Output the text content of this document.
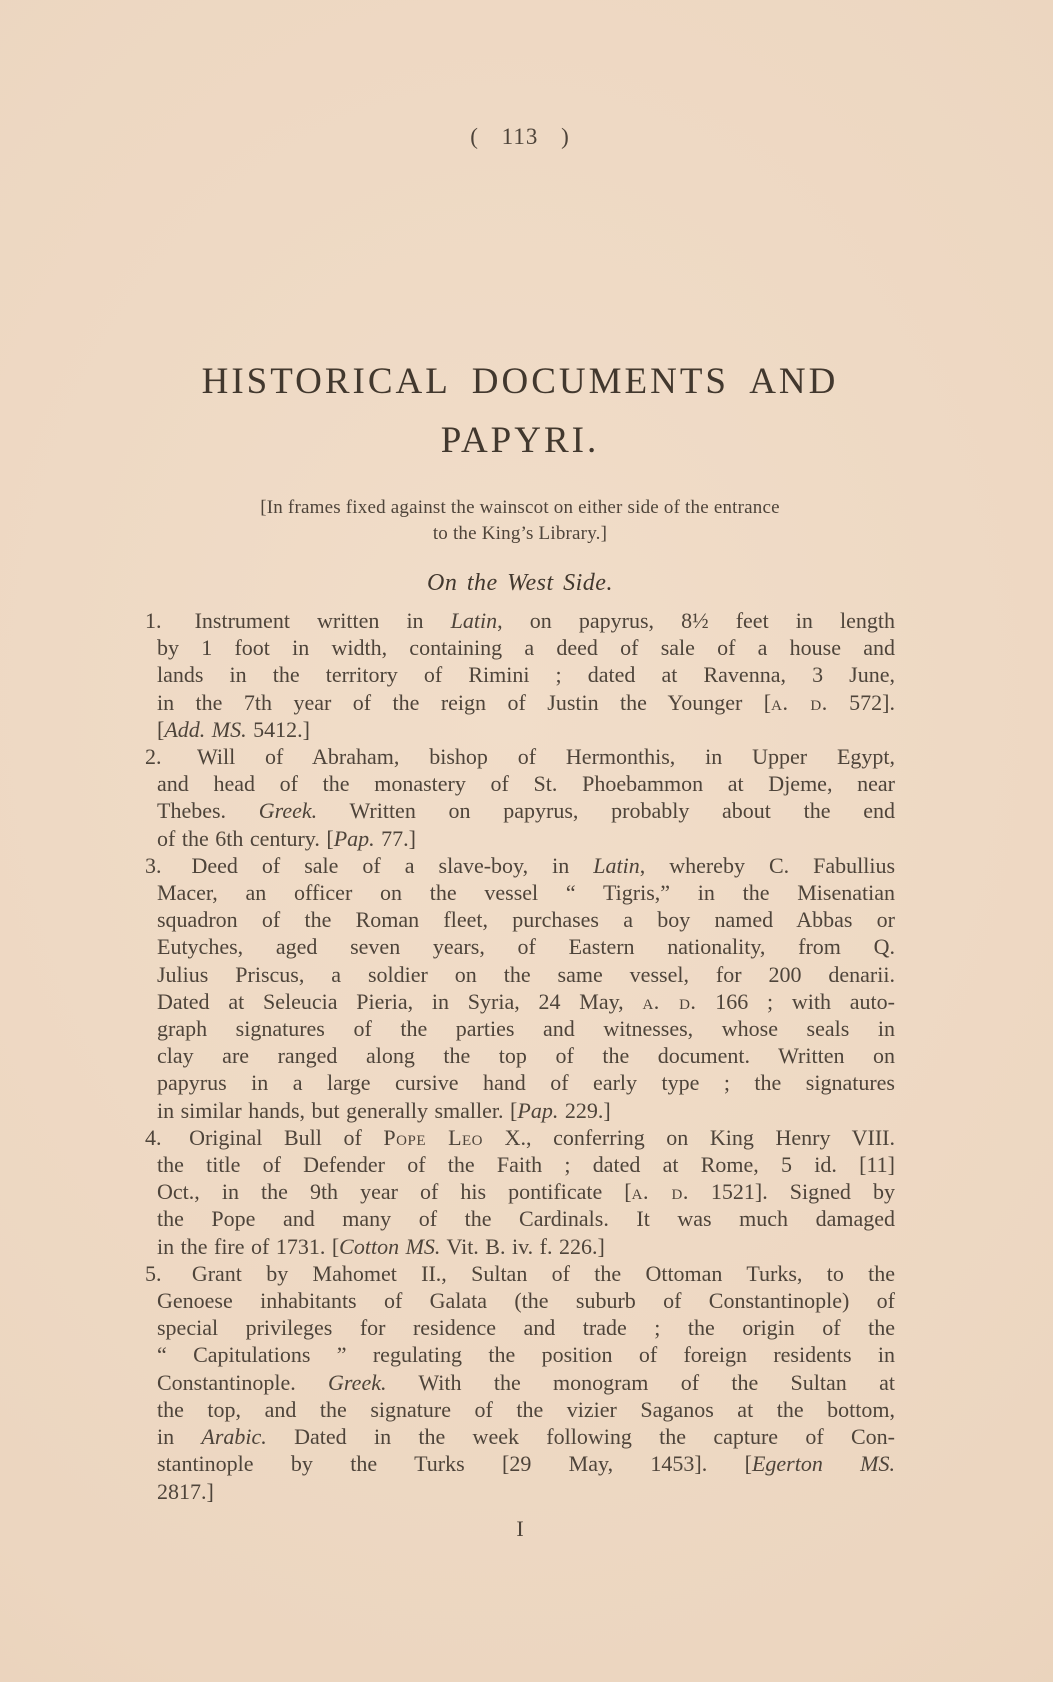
( 113 )
HISTORICAL DOCUMENTS AND
PAPYRI.
[In frames fixed against the wainscot on either side of the entrance
to the King’s Library.]
On the West Side.
1. Instrument written in Latin, on papyrus, 8½ feet in length
by 1 foot in width, containing a deed of sale of a house and
lands in the territory of Rimini ; dated at Ravenna, 3 June,
in the 7th year of the reign of Justin the Younger [a. d. 572].
[Add. MS. 5412.]
2. Will of Abraham, bishop of Hermonthis, in Upper Egypt,
and head of the monastery of St. Phoebammon at Djeme, near
Thebes. Greek. Written on papyrus, probably about the end
of the 6th century. [Pap. 77.]
3. Deed of sale of a slave-boy, in Latin, whereby C. Fabullius
Macer, an officer on the vessel “ Tigris,” in the Misenatian
squadron of the Roman fleet, purchases a boy named Abbas or
Eutyches, aged seven years, of Eastern nationality, from Q.
Julius Priscus, a soldier on the same vessel, for 200 denarii.
Dated at Seleucia Pieria, in Syria, 24 May, a. d. 166 ; with auto-
graph signatures of the parties and witnesses, whose seals in
clay are ranged along the top of the document. Written on
papyrus in a large cursive hand of early type ; the signatures
in similar hands, but generally smaller. [Pap. 229.]
4. Original Bull of Pope Leo X., conferring on King Henry VIII.
the title of Defender of the Faith ; dated at Rome, 5 id. [11]
Oct., in the 9th year of his pontificate [a. d. 1521]. Signed by
the Pope and many of the Cardinals. It was much damaged
in the fire of 1731. [Cotton MS. Vit. B. iv. f. 226.]
5. Grant by Mahomet II., Sultan of the Ottoman Turks, to the
Genoese inhabitants of Galata (the suburb of Constantinople) of
special privileges for residence and trade ; the origin of the
“ Capitulations ” regulating the position of foreign residents in
Constantinople. Greek. With the monogram of the Sultan at
the top, and the signature of the vizier Saganos at the bottom,
in Arabic. Dated in the week following the capture of Con-
stantinople by the Turks [29 May, 1453]. [Egerton MS.
2817.]
I
